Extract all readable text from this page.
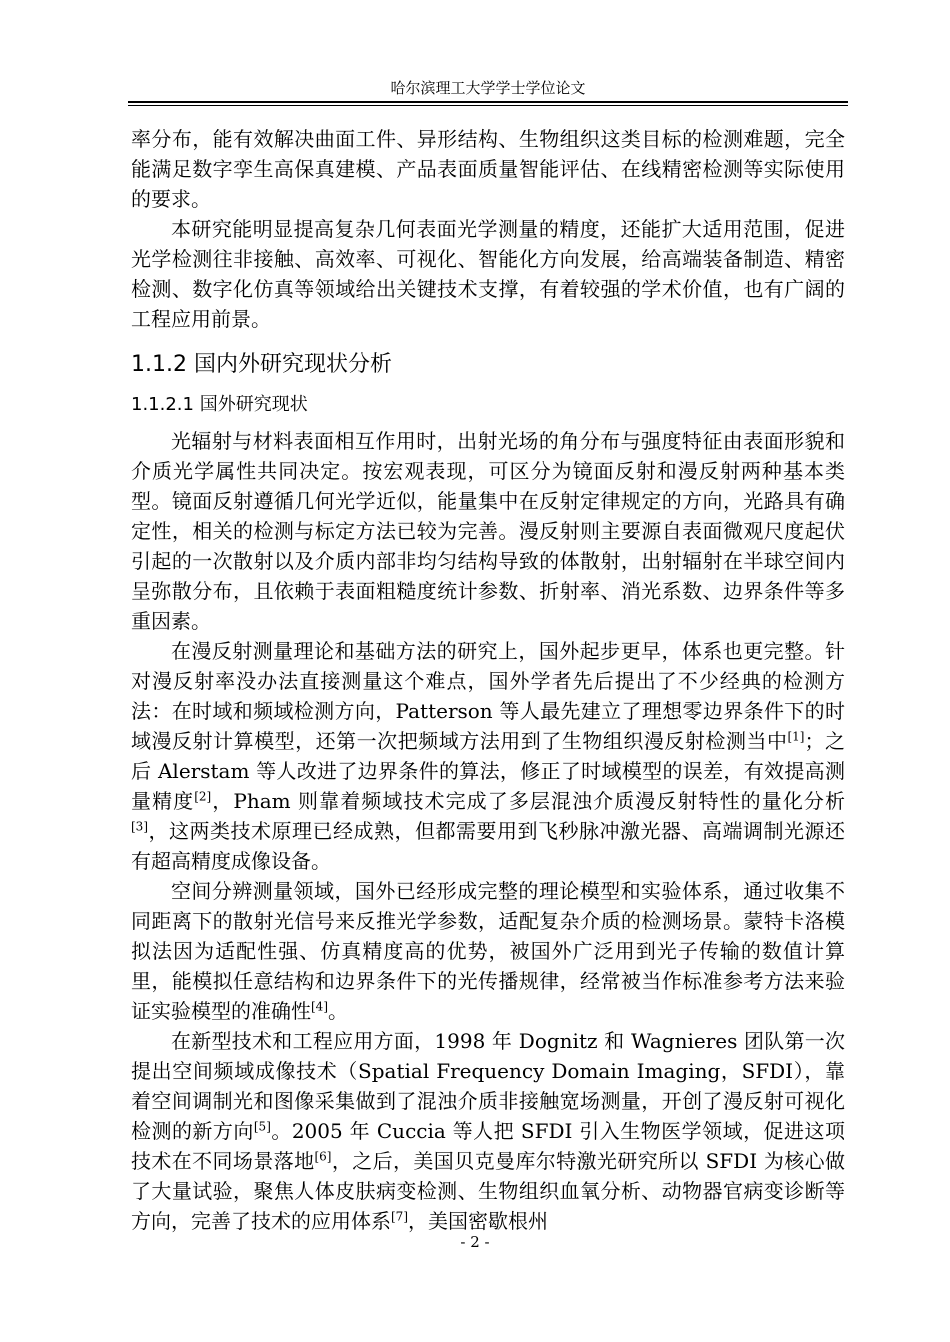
哈尔滨理工大学学士学位论文

率分布，能有效解决曲面工件、异形结构、生物组织这类目标的检测难题，完全能满足数字孪生高保真建模、产品表面质量智能评估、在线精密检测等实际使用的要求。

本研究能明显提高复杂几何表面光学测量的精度，还能扩大适用范围，促进光学检测往非接触、高效率、可视化、智能化方向发展，给高端装备制造、精密检测、数字化仿真等领域给出关键技术支撑，有着较强的学术价值，也有广阔的工程应用前景。

1.1.2 国内外研究现状分析
1.1.2.1 国外研究现状

光辐射与材料表面相互作用时，出射光场的角分布与强度特征由表面形貌和介质光学属性共同决定。按宏观表现，可区分为镜面反射和漫反射两种基本类型。镜面反射遵循几何光学近似，能量集中在反射定律规定的方向，光路具有确定性，相关的检测与标定方法已较为完善。漫反射则主要源自表面微观尺度起伏引起的一次散射以及介质内部非均匀结构导致的体散射，出射辐射在半球空间内呈弥散分布，且依赖于表面粗糙度统计参数、折射率、消光系数、边界条件等多重因素。

在漫反射测量理论和基础方法的研究上，国外起步更早，体系也更完整。针对漫反射率没办法直接测量这个难点，国外学者先后提出了不少经典的检测方法：在时域和频域检测方向，Patterson 等人最先建立了理想零边界条件下的时域漫反射计算模型，还第一次把频域方法用到了生物组织漫反射检测当中[1]；之后 Alerstam 等人改进了边界条件的算法，修正了时域模型的误差，有效提高测量精度[2]，Pham 则靠着频域技术完成了多层混浊介质漫反射特性的量化分析[3]，这两类技术原理已经成熟，但都需要用到飞秒脉冲激光器、高端调制光源还有超高精度成像设备。

空间分辨测量领域，国外已经形成完整的理论模型和实验体系，通过收集不同距离下的散射光信号来反推光学参数，适配复杂介质的检测场景。蒙特卡洛模拟法因为适配性强、仿真精度高的优势，被国外广泛用到光子传输的数值计算里，能模拟任意结构和边界条件下的光传播规律，经常被当作标准参考方法来验证实验模型的准确性[4]。

在新型技术和工程应用方面，1998 年 Dognitz 和 Wagnieres 团队第一次提出空间频域成像技术（Spatial Frequency Domain Imaging，SFDI），靠着空间调制光和图像采集做到了混浊介质非接触宽场测量，开创了漫反射可视化检测的新方向[5]。2005 年 Cuccia 等人把 SFDI 引入生物医学领域，促进这项技术在不同场景落地[6]，之后，美国贝克曼库尔特激光研究所以 SFDI 为核心做了大量试验，聚焦人体皮肤病变检测、生物组织血氧分析、动物器官病变诊断等方向，完善了技术的应用体系[7]，美国密歇根州

- 2 -
